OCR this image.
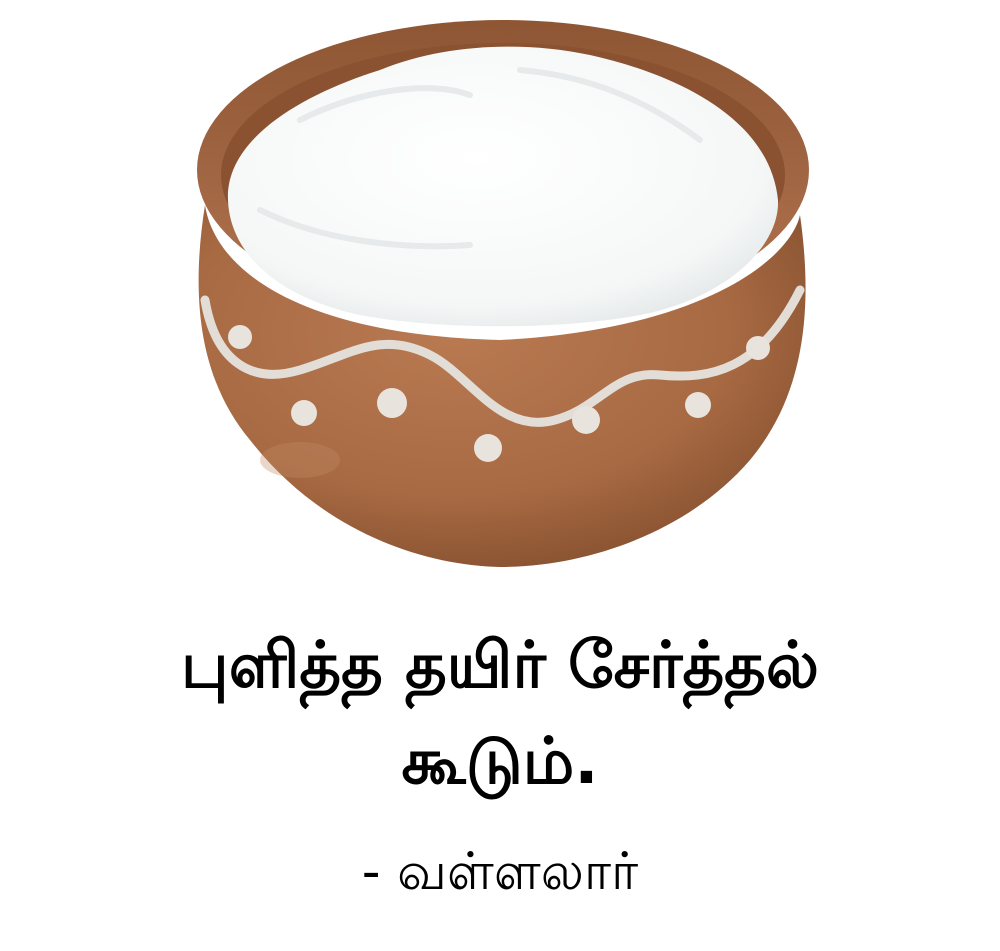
புளித்த தயிர் சேர்த்தல்
கூடும்.

- வள்ளலார்
